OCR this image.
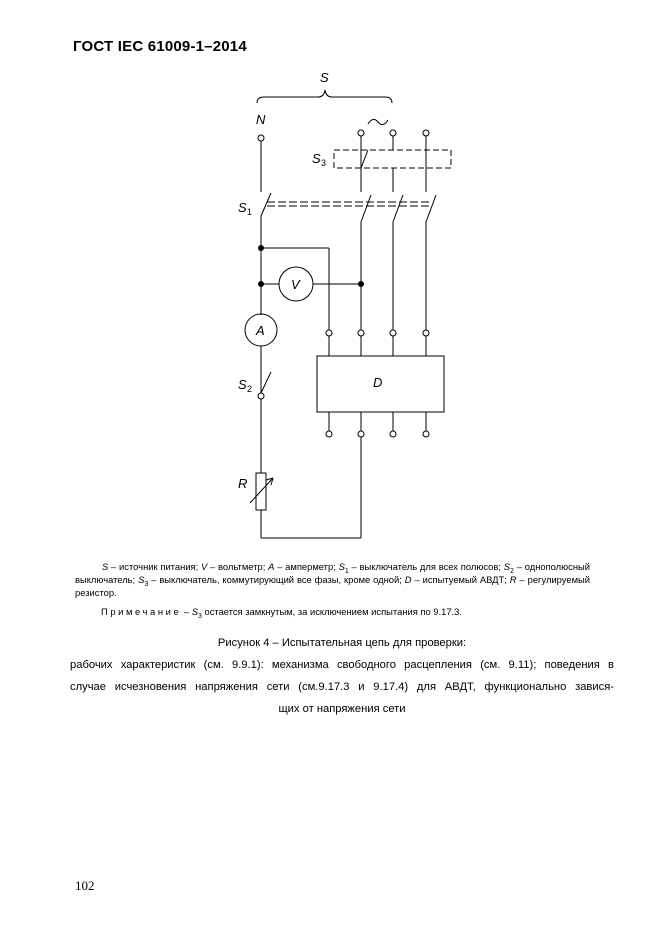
ГОСТ IEC 61009-1–2014
S
N
S 3
S 1
V
A
S 2	D
R
S – источник питания; V – вольтметр; A – амперметр; $S_1$ – выключатель для всех полюсов; $S_2$ – однополюсный выключатель; $S_3$ – выключатель, коммутирующий все фазы, кроме одной; D – испытуемый АВДТ; R – регулируемый резистор.
Примечание – $S_3$ остается замкнутым, за исключением испытания по 9.17.3.
Рисунок 4 – Испытательная цепь для проверки:
рабочих характеристик (см. 9.9.1): механизма свободного расцепления (см. 9.11); поведения в
случае исчезновения напряжения сети (см.9.17.3 и 9.17.4) для АВДТ, функционально завися-
щих от напряжения сети
102
